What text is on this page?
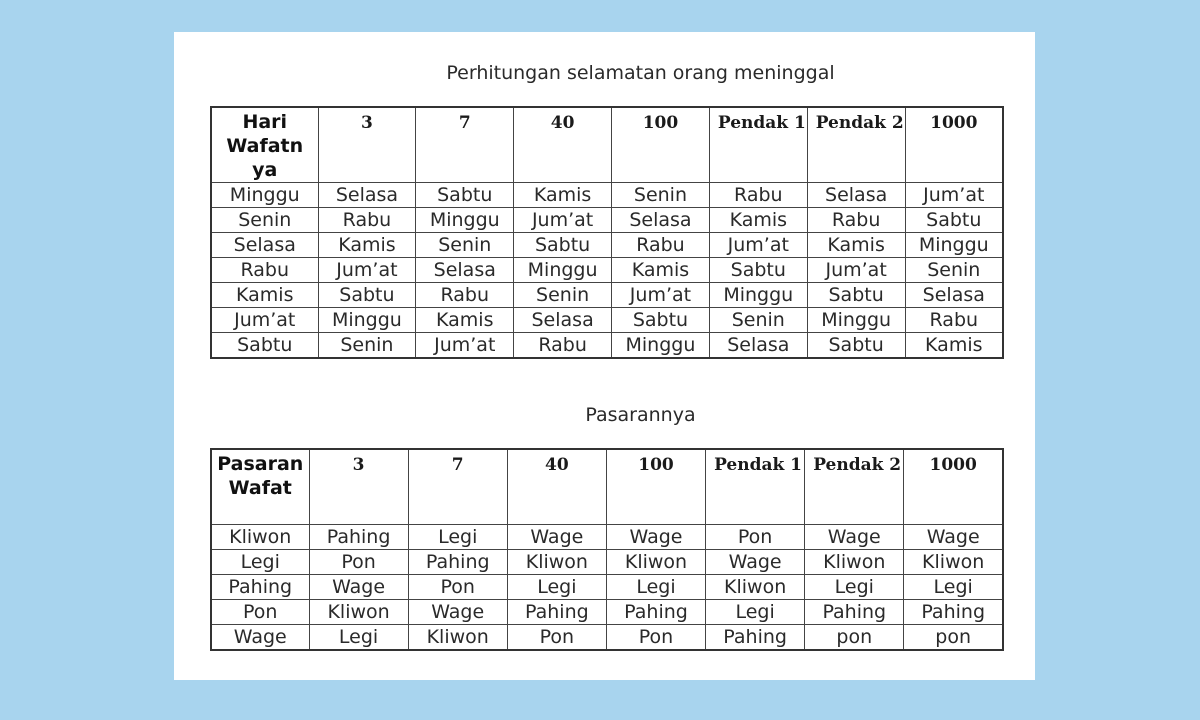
Perhitungan selamatan orang meninggal
Hari Wafatn ya	3	7	40	100	Pendak 1	Pendak 2	1000
Minggu	Selasa	Sabtu	Kamis	Senin	Rabu	Selasa	Jum’at
Senin	Rabu	Minggu	Jum’at	Selasa	Kamis	Rabu	Sabtu
Selasa	Kamis	Senin	Sabtu	Rabu	Jum’at	Kamis	Minggu
Rabu	Jum’at	Selasa	Minggu	Kamis	Sabtu	Jum’at	Senin
Kamis	Sabtu	Rabu	Senin	Jum’at	Minggu	Sabtu	Selasa
Jum’at	Minggu	Kamis	Selasa	Sabtu	Senin	Minggu	Rabu
Sabtu	Senin	Jum’at	Rabu	Minggu	Selasa	Sabtu	Kamis
Pasarannya
Pasaran Wafat	3	7	40	100	Pendak 1	Pendak 2	1000
Kliwon	Pahing	Legi	Wage	Wage	Pon	Wage	Wage
Legi	Pon	Pahing	Kliwon	Kliwon	Wage	Kliwon	Kliwon
Pahing	Wage	Pon	Legi	Legi	Kliwon	Legi	Legi
Pon	Kliwon	Wage	Pahing	Pahing	Legi	Pahing	Pahing
Wage	Legi	Kliwon	Pon	Pon	Pahing	pon	pon
